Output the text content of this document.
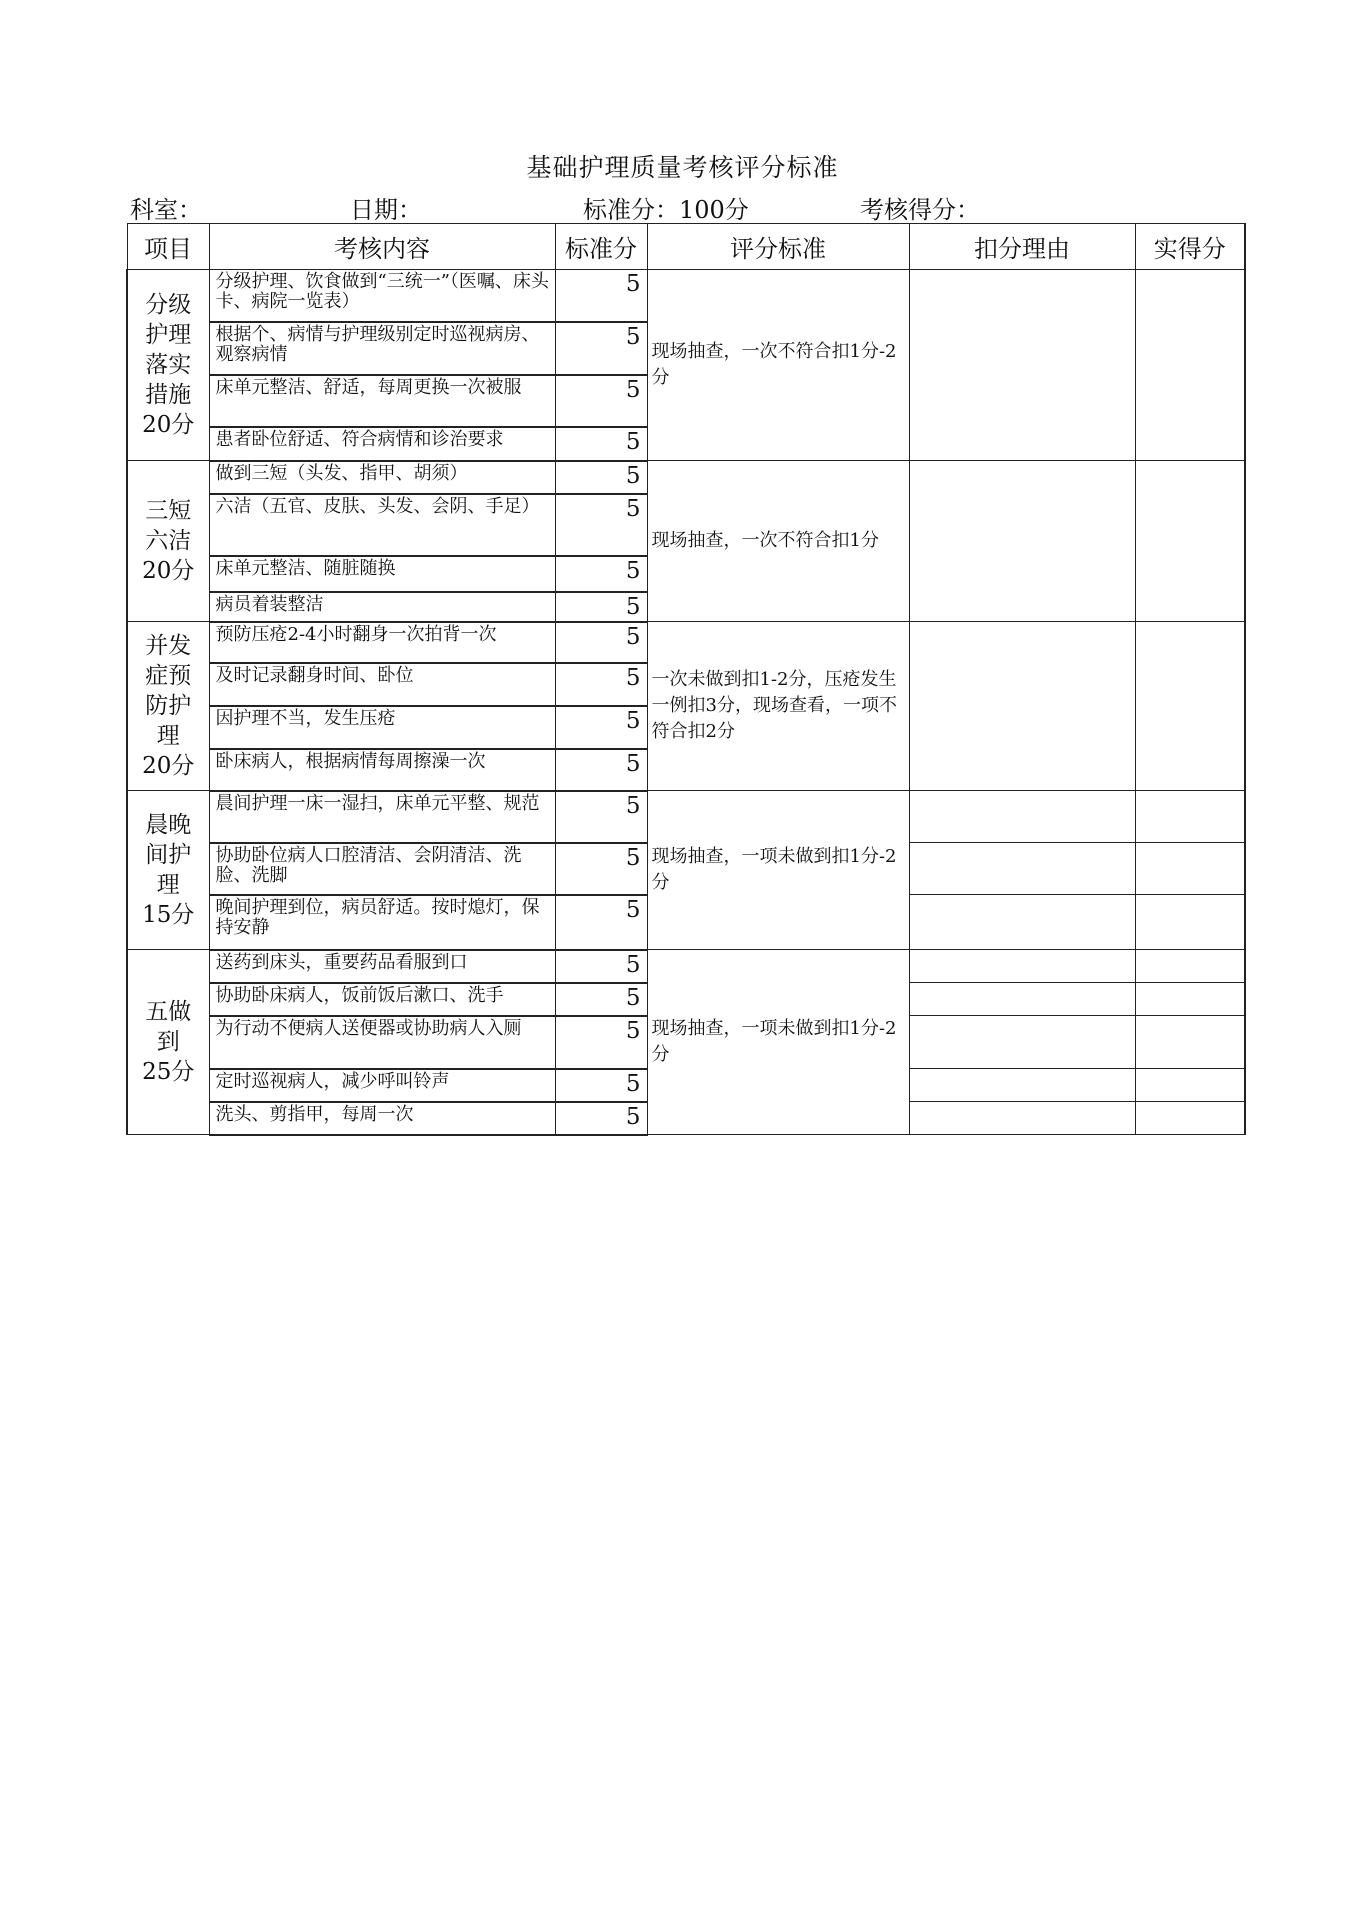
基础护理质量考核评分标准
科室：	日期：	标准分：100分	考核得分：
项目	考核内容	标准分	评分标准	扣分理由	实得分

分级护理落实措施
20分	分级护理、饮食做到“三统一”（医嘱、床头卡、病院一览表）	5	现场抽查，一次不符合扣1分-2分		

	根据个、病情与护理级别定时巡视病房、观察病情	5			

	床单元整洁、舒适，每周更换一次被服	5			

	患者卧位舒适、符合病情和诊治要求	5			

三短六洁
20分	做到三短（头发、指甲、胡须）	5	现场抽查，一次不符合扣1分		

	六洁（五官、皮肤、头发、会阴、手足）	5			

	床单元整洁、随脏随换	5			

	病员着装整洁	5			

并发症预防护理
20分	预防压疮2-4小时翻身一次拍背一次	5	一次未做到扣1-2分，压疮发生一例扣3分，现场查看，一项不符合扣2分		

	及时记录翻身时间、卧位	5			

	因护理不当，发生压疮	5			

	卧床病人，根据病情每周擦澡一次	5			

晨晚间护理
15分	晨间护理一床一湿扫，床单元平整、规范	5	现场抽查，一项未做到扣1分-2分		

	协助卧位病人口腔清洁、会阴清洁、洗脸、洗脚	5			

	晚间护理到位，病员舒适。按时熄灯，保持安静	5			

五做到
25分	送药到床头，重要药品看服到口	5	现场抽查，一项未做到扣1分-2分		

	协助卧床病人，饭前饭后漱口、洗手	5			

	为行动不便病人送便器或协助病人入厕	5			

	定时巡视病人，减少呼叫铃声	5			

	洗头、剪指甲，每周一次	5			
